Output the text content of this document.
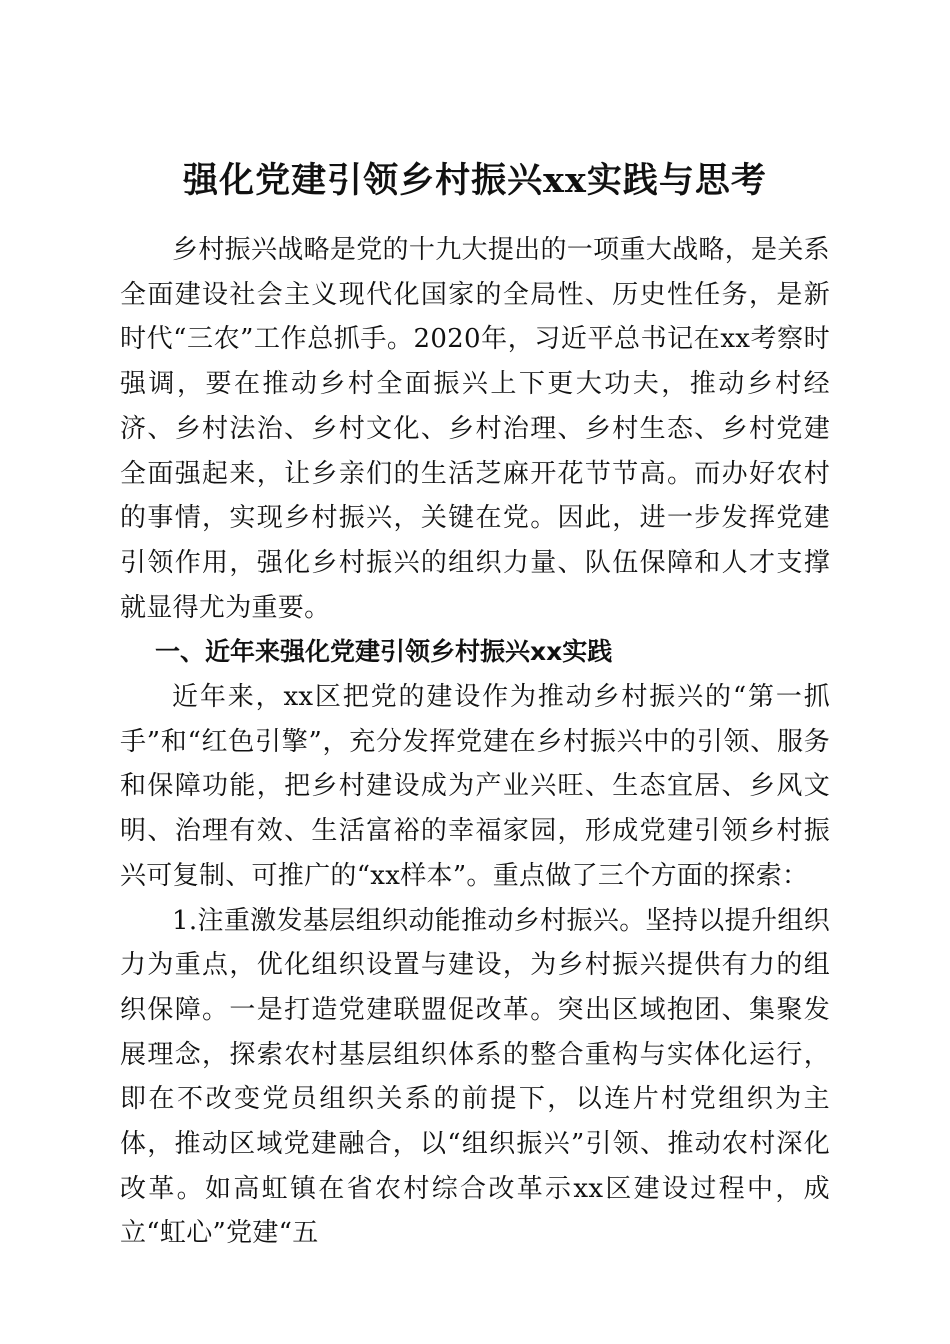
强化党建引领乡村振兴xx实践与思考

乡村振兴战略是党的十九大提出的一项重大战略，是关系全面建设社会主义现代化国家的全局性、历史性任务，是新时代“三农”工作总抓手。2020年，习近平总书记在xx考察时强调，要在推动乡村全面振兴上下更大功夫，推动乡村经济、乡村法治、乡村文化、乡村治理、乡村生态、乡村党建全面强起来，让乡亲们的生活芝麻开花节节高。而办好农村的事情，实现乡村振兴，关键在党。因此，进一步发挥党建引领作用，强化乡村振兴的组织力量、队伍保障和人才支撑就显得尤为重要。

一、近年来强化党建引领乡村振兴xx实践

近年来，xx区把党的建设作为推动乡村振兴的“第一抓手”和“红色引擎”，充分发挥党建在乡村振兴中的引领、服务和保障功能，把乡村建设成为产业兴旺、生态宜居、乡风文明、治理有效、生活富裕的幸福家园，形成党建引领乡村振兴可复制、可推广的“xx样本”。重点做了三个方面的探索：

1.注重激发基层组织动能推动乡村振兴。坚持以提升组织力为重点，优化组织设置与建设，为乡村振兴提供有力的组织保障。一是打造党建联盟促改革。突出区域抱团、集聚发展理念，探索农村基层组织体系的整合重构与实体化运行，即在不改变党员组织关系的前提下，以连片村党组织为主体，推动区域党建融合，以“组织振兴”引领、推动农村深化改革。如高虹镇在省农村综合改革示xx区建设过程中，成立“虹心”党建“五
